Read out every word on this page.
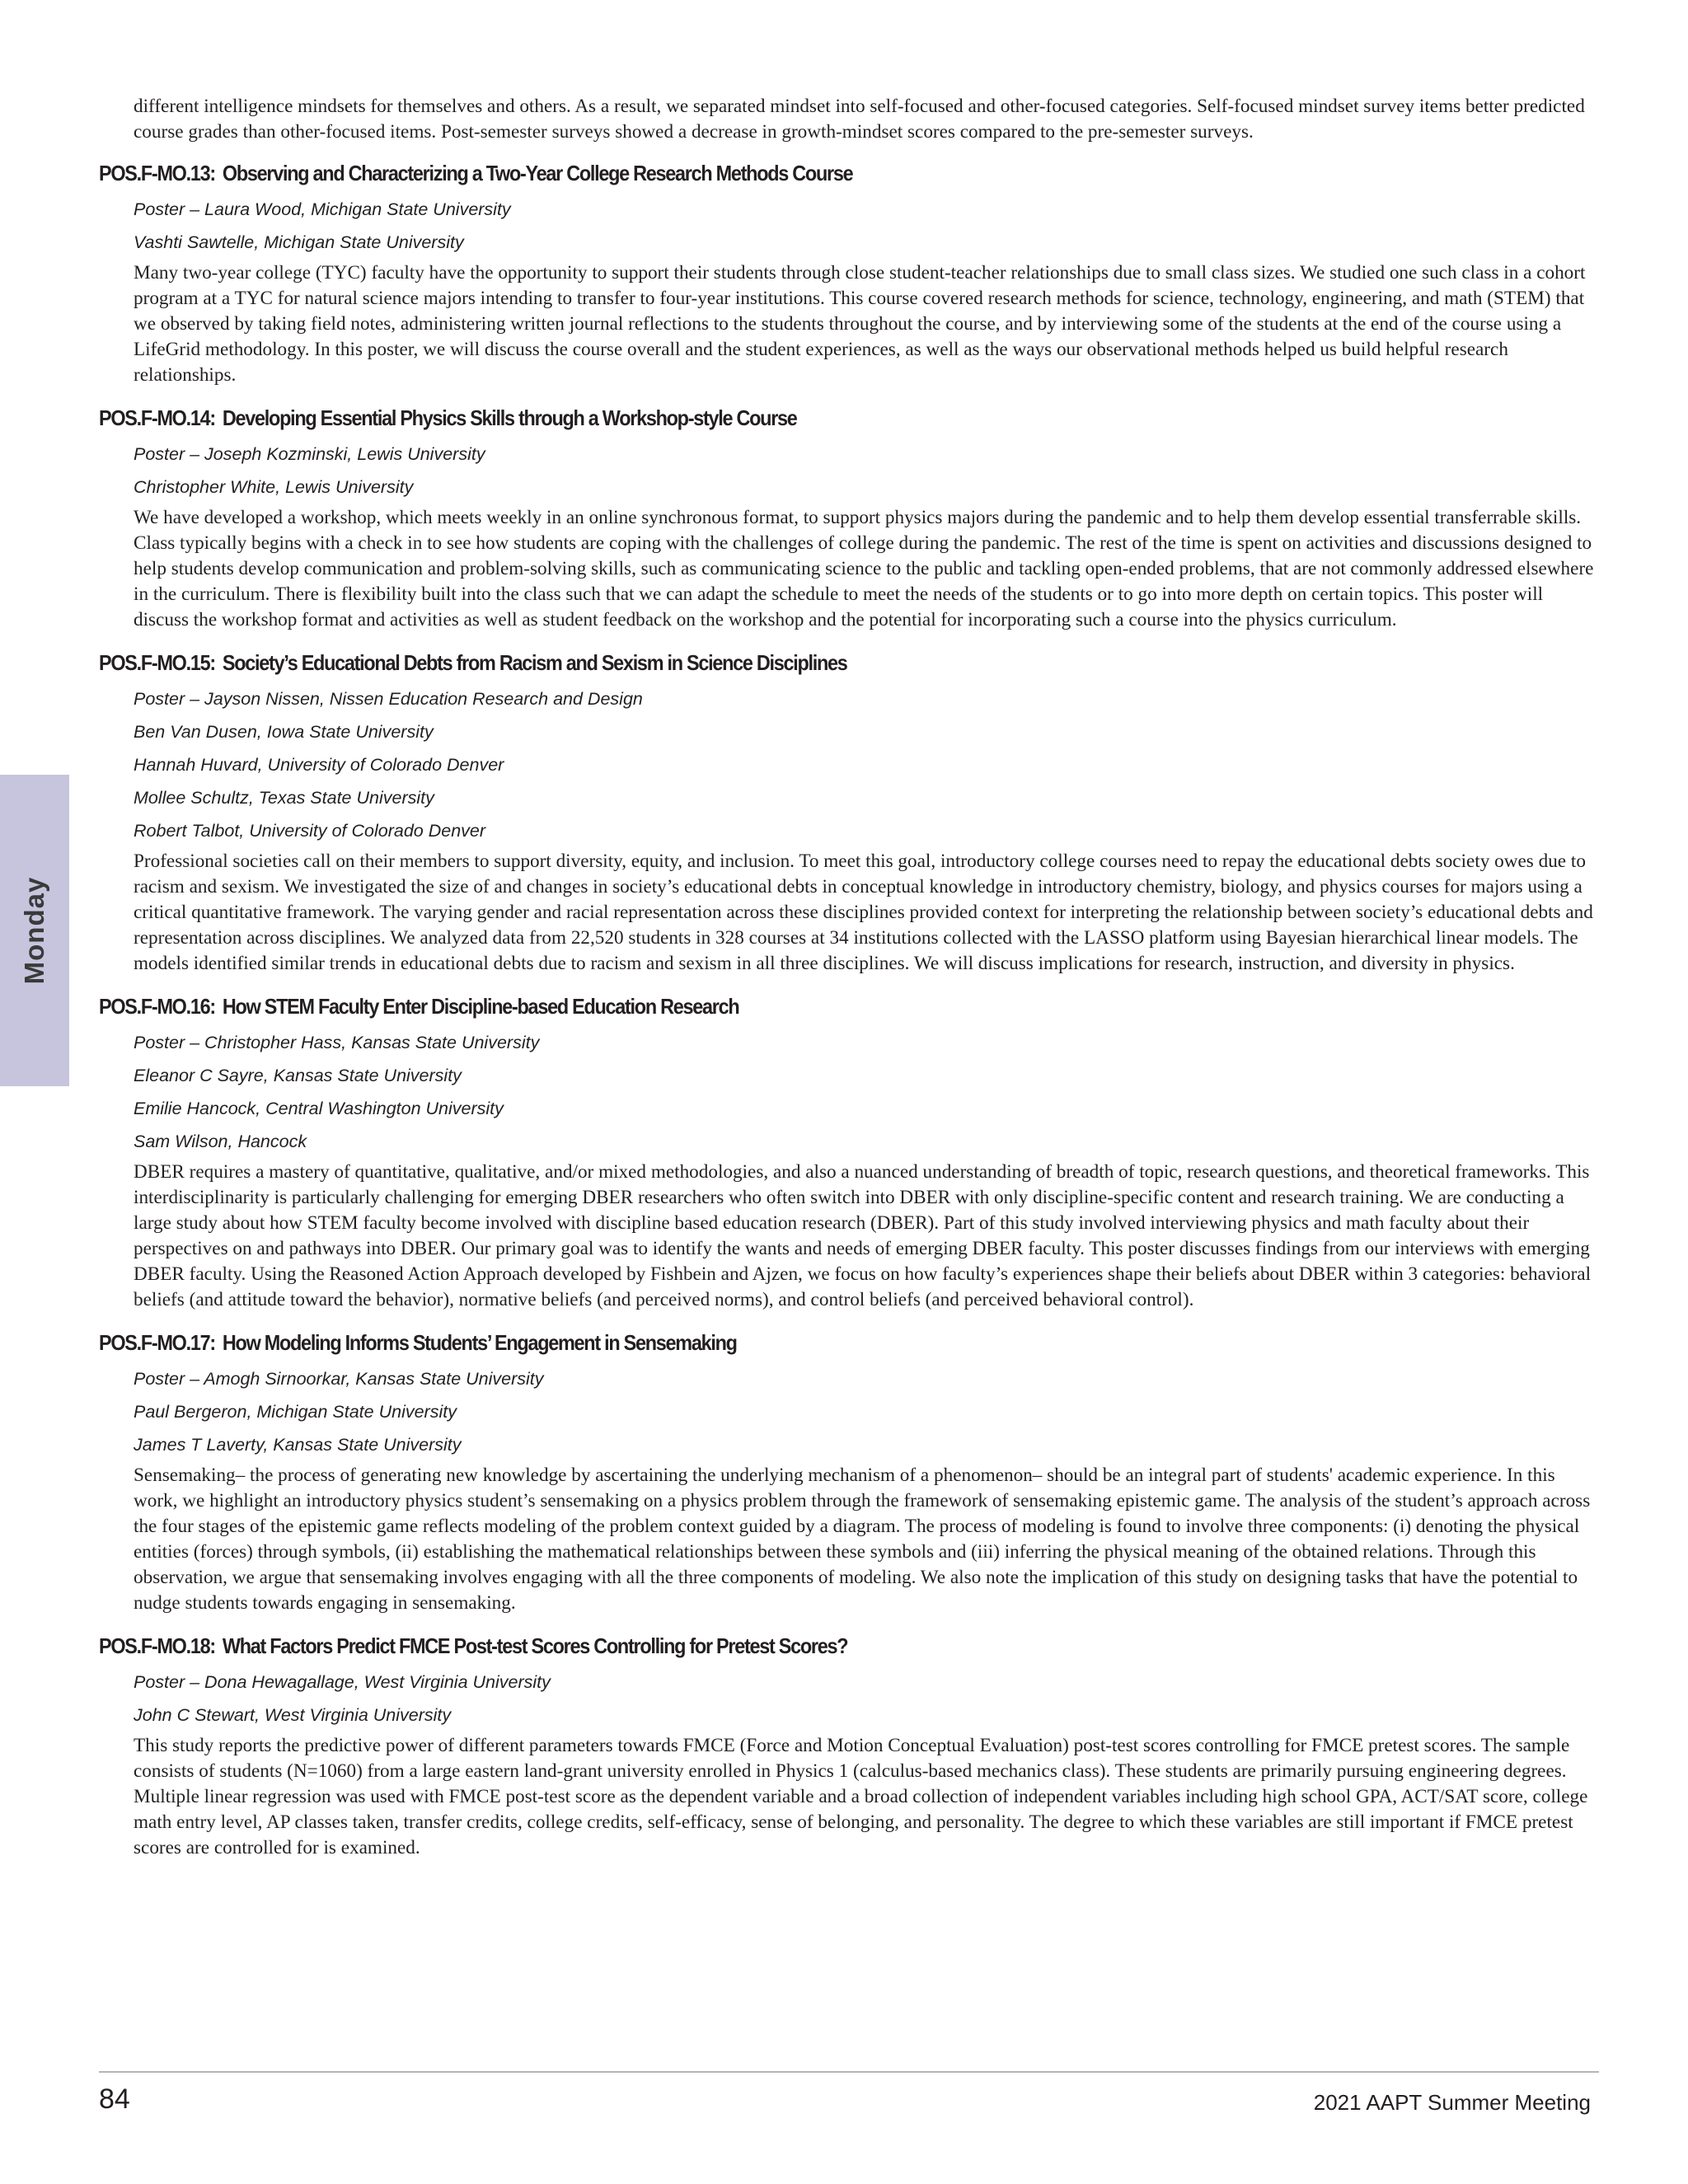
Monday

different intelligence mindsets for themselves and others. As a result, we separated mindset into self-focused and other-focused categories. Self-focused mindset survey items better predicted course grades than other-focused items. Post-semester surveys showed a decrease in growth-mindset scores compared to the pre-semester surveys.

POS.F-MO.13: Observing and Characterizing a Two-Year College Research Methods Course
Poster – Laura Wood, Michigan State University
Vashti Sawtelle, Michigan State University

Many two-year college (TYC) faculty have the opportunity to support their students through close student-teacher relationships due to small class sizes. We studied one such class in a cohort program at a TYC for natural science majors intending to transfer to four-year institutions. This course covered research methods for science, technology, engineering, and math (STEM) that we observed by taking field notes, administering written journal reflections to the students throughout the course, and by interviewing some of the students at the end of the course using a LifeGrid methodology. In this poster, we will discuss the course overall and the student experiences, as well as the ways our observational methods helped us build helpful research relationships.

POS.F-MO.14: Developing Essential Physics Skills through a Workshop-style Course
Poster – Joseph Kozminski, Lewis University
Christopher White, Lewis University

We have developed a workshop, which meets weekly in an online synchronous format, to support physics majors during the pandemic and to help them develop essential transferrable skills. Class typically begins with a check in to see how students are coping with the challenges of college during the pandemic. The rest of the time is spent on activities and discussions designed to help students develop communication and problem-solving skills, such as communicating science to the public and tackling open-ended problems, that are not commonly addressed elsewhere in the curriculum. There is flexibility built into the class such that we can adapt the schedule to meet the needs of the students or to go into more depth on certain topics. This poster will discuss the workshop format and activities as well as student feedback on the workshop and the potential for incorporating such a course into the physics curriculum.

POS.F-MO.15: Society’s Educational Debts from Racism and Sexism in Science Disciplines
Poster – Jayson Nissen, Nissen Education Research and Design
Ben Van Dusen, Iowa State University
Hannah Huvard, University of Colorado Denver
Mollee Schultz, Texas State University
Robert Talbot, University of Colorado Denver

Professional societies call on their members to support diversity, equity, and inclusion. To meet this goal, introductory college courses need to repay the educational debts society owes due to racism and sexism. We investigated the size of and changes in society’s educational debts in conceptual knowledge in introductory chemistry, biology, and physics courses for majors using a critical quantitative framework. The varying gender and racial representation across these disciplines provided context for interpreting the relationship between society’s educational debts and representation across disciplines. We analyzed data from 22,520 students in 328 courses at 34 institutions collected with the LASSO platform using Bayesian hierarchical linear models. The models identified similar trends in educational debts due to racism and sexism in all three disciplines. We will discuss implications for research, instruction, and diversity in physics.

POS.F-MO.16: How STEM Faculty Enter Discipline-based Education Research
Poster – Christopher Hass, Kansas State University
Eleanor C Sayre, Kansas State University
Emilie Hancock, Central Washington University
Sam Wilson, Hancock

DBER requires a mastery of quantitative, qualitative, and/or mixed methodologies, and also a nuanced understanding of breadth of topic, research questions, and theoretical frameworks. This interdisciplinarity is particularly challenging for emerging DBER researchers who often switch into DBER with only discipline-specific content and research training. We are conducting a large study about how STEM faculty become involved with discipline based education research (DBER). Part of this study involved interviewing physics and math faculty about their perspectives on and pathways into DBER. Our primary goal was to identify the wants and needs of emerging DBER faculty. This poster discusses findings from our interviews with emerging DBER faculty. Using the Reasoned Action Approach developed by Fishbein and Ajzen, we focus on how faculty’s experiences shape their beliefs about DBER within 3 categories: behavioral beliefs (and attitude toward the behavior), normative beliefs (and perceived norms), and control beliefs (and perceived behavioral control).

POS.F-MO.17: How Modeling Informs Students’ Engagement in Sensemaking
Poster – Amogh Sirnoorkar, Kansas State University
Paul Bergeron, Michigan State University
James T Laverty, Kansas State University

Sensemaking– the process of generating new knowledge by ascertaining the underlying mechanism of a phenomenon– should be an integral part of students' academic experience. In this work, we highlight an introductory physics student’s sensemaking on a physics problem through the framework of sensemaking epistemic game. The analysis of the student’s approach across the four stages of the epistemic game reflects modeling of the problem context guided by a diagram. The process of modeling is found to involve three components: (i) denoting the physical entities (forces) through symbols, (ii) establishing the mathematical relationships between these symbols and (iii) inferring the physical meaning of the obtained relations. Through this observation, we argue that sensemaking involves engaging with all the three components of modeling. We also note the implication of this study on designing tasks that have the potential to nudge students towards engaging in sensemaking.

POS.F-MO.18: What Factors Predict FMCE Post-test Scores Controlling for Pretest Scores?
Poster – Dona Hewagallage, West Virginia University
John C Stewart, West Virginia University

This study reports the predictive power of different parameters towards FMCE (Force and Motion Conceptual Evaluation) post-test scores controlling for FMCE pretest scores. The sample consists of students (N=1060) from a large eastern land-grant university enrolled in Physics 1 (calculus-based mechanics class). These students are primarily pursuing engineering degrees. Multiple linear regression was used with FMCE post-test score as the dependent variable and a broad collection of independent variables including high school GPA, ACT/SAT score, college math entry level, AP classes taken, transfer credits, college credits, self-efficacy, sense of belonging, and personality. The degree to which these variables are still important if FMCE pretest scores are controlled for is examined.

84	2021 AAPT Summer Meeting
